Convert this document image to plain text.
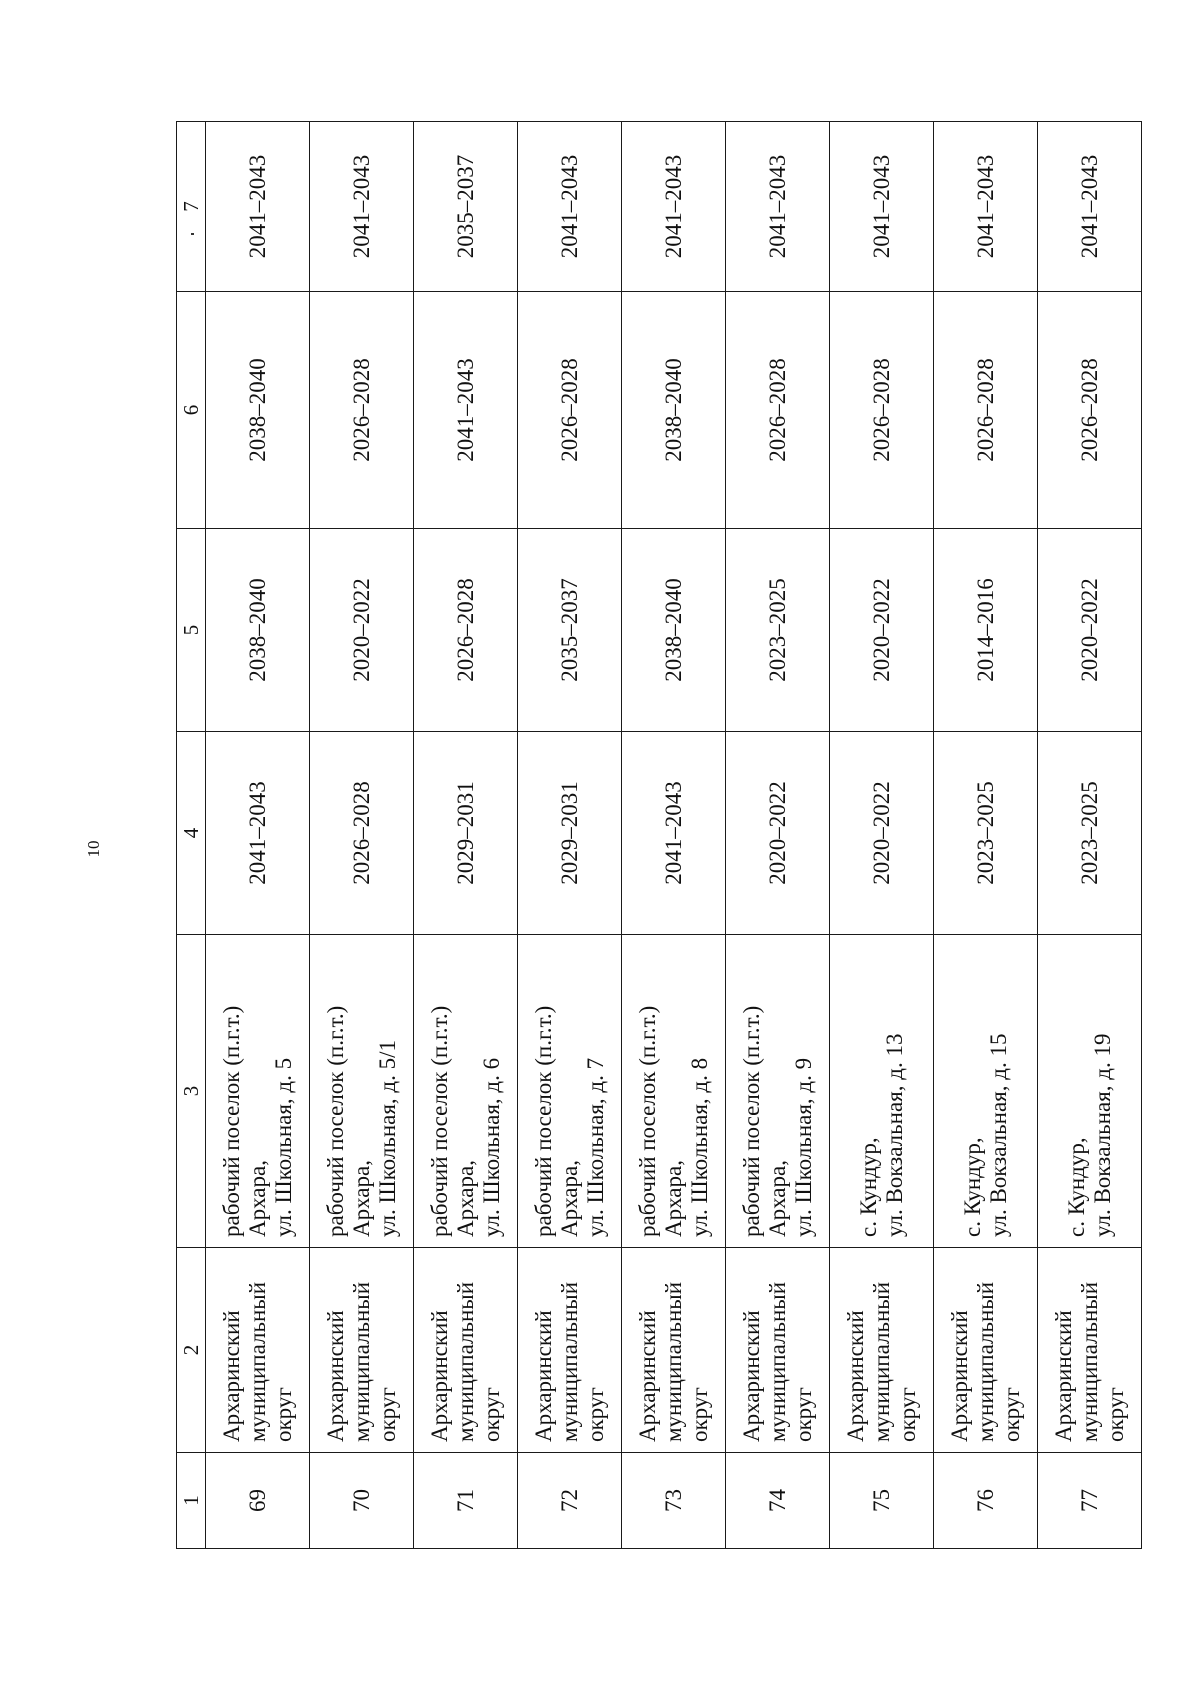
10
1	2	3	4	5	6	7
69	Архаринский муниципальный округ	рабочий поселок (п.г.т.) Архара, ул. Школьная, д. 5	2041–2043	2038–2040	2038–2040	2041–2043
70	Архаринский муниципальный округ	рабочий поселок (п.г.т.) Архара, ул. Школьная, д. 5/1	2026–2028	2020–2022	2026–2028	2041–2043
71	Архаринский муниципальный округ	рабочий поселок (п.г.т.) Архара, ул. Школьная, д. 6	2029–2031	2026–2028	2041–2043	2035–2037
72	Архаринский муниципальный округ	рабочий поселок (п.г.т.) Архара, ул. Школьная, д. 7	2029–2031	2035–2037	2026–2028	2041–2043
73	Архаринский муниципальный округ	рабочий поселок (п.г.т.) Архара, ул. Школьная, д. 8	2041–2043	2038–2040	2038–2040	2041–2043
74	Архаринский муниципальный округ	рабочий поселок (п.г.т.) Архара, ул. Школьная, д. 9	2020–2022	2023–2025	2026–2028	2041–2043
75	Архаринский муниципальный округ	с. Кундур, ул. Вокзальная, д. 13	2020–2022	2020–2022	2026–2028	2041–2043
76	Архаринский муниципальный округ	с. Кундур, ул. Вокзальная, д. 15	2023–2025	2014–2016	2026–2028	2041–2043
77	Архаринский муниципальный округ	с. Кундур, ул. Вокзальная, д. 19	2023–2025	2020–2022	2026–2028	2041–2043
